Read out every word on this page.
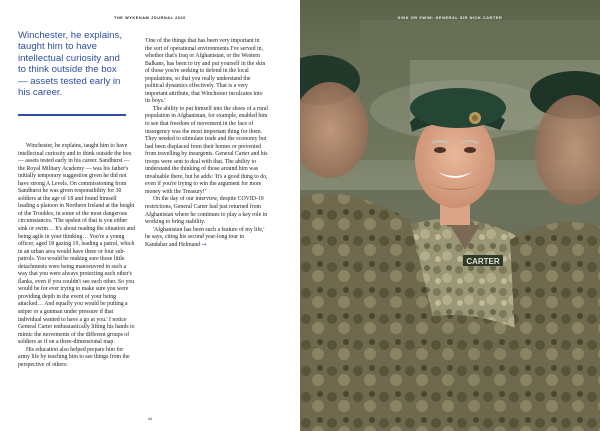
THE WYKEHAM JOURNAL 2020
Winchester, he explains, taught him to have intellectual curiosity and to think outside the box — assets tested early in his career.

Winchester, he explains, taught him to have intellectual curiosity and to think outside the box — assets tested early in his career. Sandhurst — the Royal Military Academy — was his father's initially temporary suggestion given he did not have strong A Levels. On commissioning from Sandhurst he was given responsibility for 30 soldiers at the age of 18 and found himself leading a platoon in Northern Ireland at the height of the Troubles, in some of the most dangerous circumstances. 'The upshot of that is you either sink or swim… It's about reading the situation and being agile in your thinking… You're a young officer, aged 18 gazing 19, leading a patrol, which in an urban area would have three or four sub-patrols. You would be making sure those little detachments were being manoeuvred in such a way that you were always protecting each other's flanks, even if you couldn't see each other. So you would be for ever trying to make sure you were providing depth in the event of your being attacked… And equally you would be putting a sniper or a gunman under pressure if that individual wanted to have a go at you.' I notice General Carter enthusiastically lifting his hands to mimic the movements of the different groups of soldiers as if on a three-dimensional map.

His education also helped prepare him for army life by teaching him to see things from the perspective of others:

'One of the things that has been very important in the sort of operational environments I've served in, whether that's Iraq or Afghanistan, or the Western Balkans, has been to try and put yourself in the skin of those you're seeking to defend in the local populations, so that you really understand the political dynamics effectively. That is a very important attribute, that Winchester inculcates into its boys.'

The ability to put himself into the shoes of a rural population in Afghanistan, for example, enabled him to see that freedom of movement in the face of insurgency was the most important thing for them. They needed to stimulate trade and the economy but had been displaced from their homes or prevented from travelling by insurgents. General Carter and his troops were sent to deal with that. The ability to understand the thinking of those around him was invaluable there, but he adds: 'It's a good thing to do, even if you're trying to win the argument for more money with the Treasury!'

On the day of our interview, despite COVID-19 restrictions, General Carter had just returned from Afghanistan where he continues to play a key role in working to bring stability.

'Afghanistan has been such a feature of my life,' he says, citing his second year-long tour in Kandahar and Helmand →

44
CARTER
SINK OR SWIM: GENERAL SIR NICK CARTER
